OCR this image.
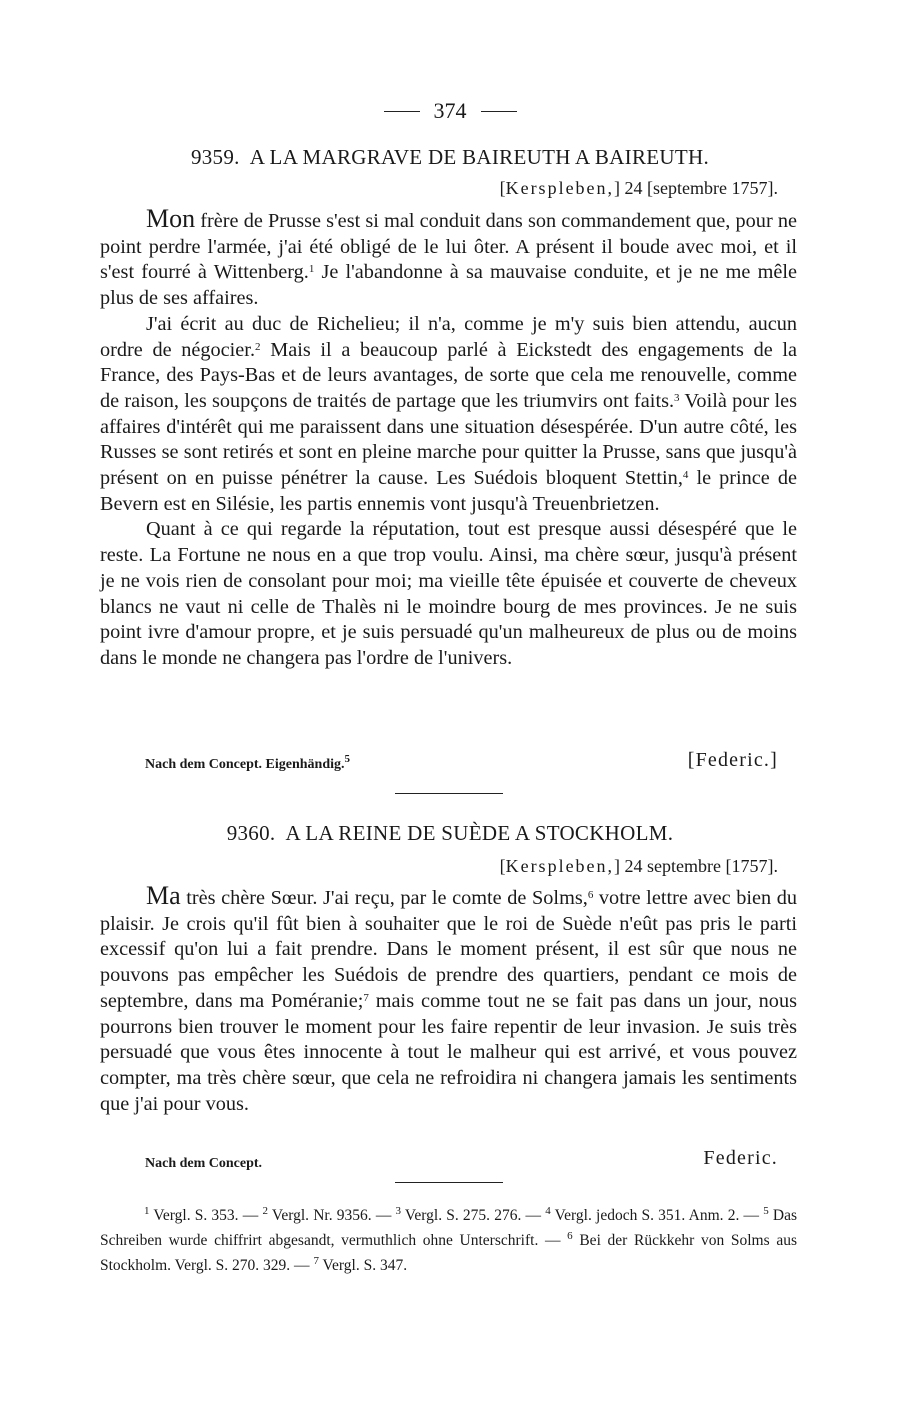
374
9359. A LA MARGRAVE DE BAIREUTH A BAIREUTH.
[Kerspleben,] 24 [septembre 1757].

Mon frère de Prusse s'est si mal conduit dans son commandement que, pour ne point perdre l'armée, j'ai été obligé de le lui ôter. A présent il boude avec moi, et il s'est fourré à Wittenberg.$^1$ Je l'abandonne à sa mauvaise conduite, et je ne me mêle plus de ses affaires.

J'ai écrit au duc de Richelieu; il n'a, comme je m'y suis bien attendu, aucun ordre de négocier.$^2$ Mais il a beaucoup parlé à Eickstedt des engagements de la France, des Pays-Bas et de leurs avantages, de sorte que cela me renouvelle, comme de raison, les soupçons de traités de partage que les triumvirs ont faits.$^3$ Voilà pour les affaires d'intérêt qui me paraissent dans une situation désespérée. D'un autre côté, les Russes se sont retirés et sont en pleine marche pour quitter la Prusse, sans que jusqu'à présent on en puisse pénétrer la cause. Les Suédois bloquent Stettin,$^4$ le prince de Bevern est en Silésie, les partis ennemis vont jusqu'à Treuenbrietzen.

Quant à ce qui regarde la réputation, tout est presque aussi désespéré que le reste. La Fortune ne nous en a que trop voulu. Ainsi, ma chère sœur, jusqu'à présent je ne vois rien de consolant pour moi; ma vieille tête épuisée et couverte de cheveux blancs ne vaut ni celle de Thalès ni le moindre bourg de mes provinces. Je ne suis point ivre d'amour propre, et je suis persuadé qu'un malheureux de plus ou de moins dans le monde ne changera pas l'ordre de l'univers.

Nach dem Concept. Eigenhändig.$^5$	[Federic.]
9360. A LA REINE DE SUÈDE A STOCKHOLM.
[Kerspleben,] 24 septembre [1757].

Ma très chère Sœur. J'ai reçu, par le comte de Solms,$^6$ votre lettre avec bien du plaisir. Je crois qu'il fût bien à souhaiter que le roi de Suède n'eût pas pris le parti excessif qu'on lui a fait prendre. Dans le moment présent, il est sûr que nous ne pouvons pas empêcher les Suédois de prendre des quartiers, pendant ce mois de septembre, dans ma Poméranie;$^7$ mais comme tout ne se fait pas dans un jour, nous pourrons bien trouver le moment pour les faire repentir de leur invasion. Je suis très persuadé que vous êtes innocente à tout le malheur qui est arrivé, et vous pouvez compter, ma très chère sœur, que cela ne refroidira ni changera jamais les sentiments que j'ai pour vous.

Nach dem Concept.	Federic.

$^1$ Vergl. S. 353. — $^2$ Vergl. Nr. 9356. — $^3$ Vergl. S. 275. 276. — $^4$ Vergl. jedoch S. 351. Anm. 2. — $^5$ Das Schreiben wurde chiffrirt abgesandt, vermuthlich ohne Unterschrift. — $^6$ Bei der Rückkehr von Solms aus Stockholm. Vergl. S. 270. 329. — $^7$ Vergl. S. 347.
